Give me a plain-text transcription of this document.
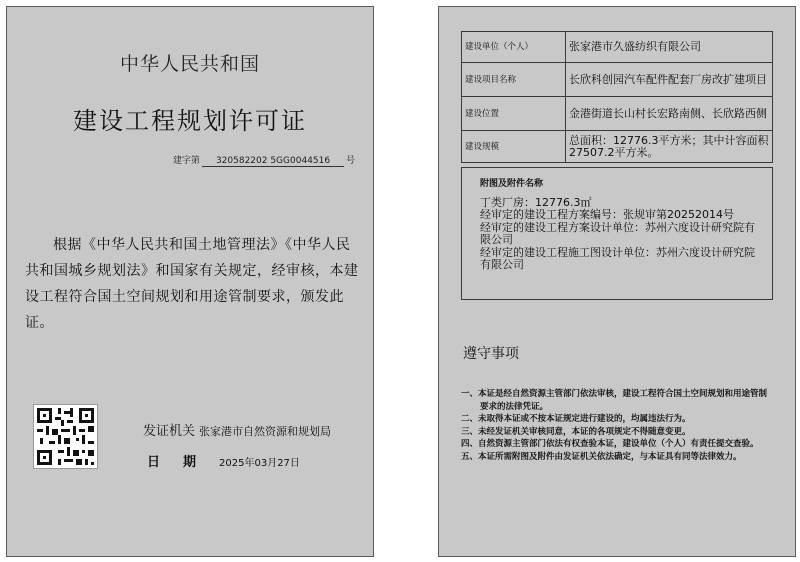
中华人民共和国
建设工程规划许可证
建字第 320582202 5GG0044516 号
根据《中华人民共和国土地管理法》《中华人民共和国城乡规划法》和国家有关规定，经审核，本建设工程符合国土空间规划和用途管制要求，颁发此证。
发证机关 张家港市自然资源和规划局
日期2025年03月27日
建设单位（个人）	张家港市久盛纺织有限公司
建设项目名称	长欣科创园汽车配件配套厂房改扩建项目
建设位置	金港街道长山村长宏路南侧、长欣路西侧
建设规模	总面积：12776.3平方米；其中计容面积27507.2平方米。
附图及附件名称

丁类厂房：12776.3㎡

经审定的建设工程方案编号：张规审第20252014号

经审定的建设工程方案设计单位：苏州六度设计研究院有限公司

经审定的建设工程施工图设计单位：苏州六度设计研究院有限公司

遵守事项

一、本证是经自然资源主管部门依法审核，建设工程符合国土空间规划和用途管制要求的法律凭证。

二、未取得本证或不按本证规定进行建设的，均属违法行为。

三、未经发证机关审核同意，本证的各项规定不得随意变更。

四、自然资源主管部门依法有权查验本证，建设单位（个人）有责任提交查验。

五、本证所需附图及附件由发证机关依法确定，与本证具有同等法律效力。
